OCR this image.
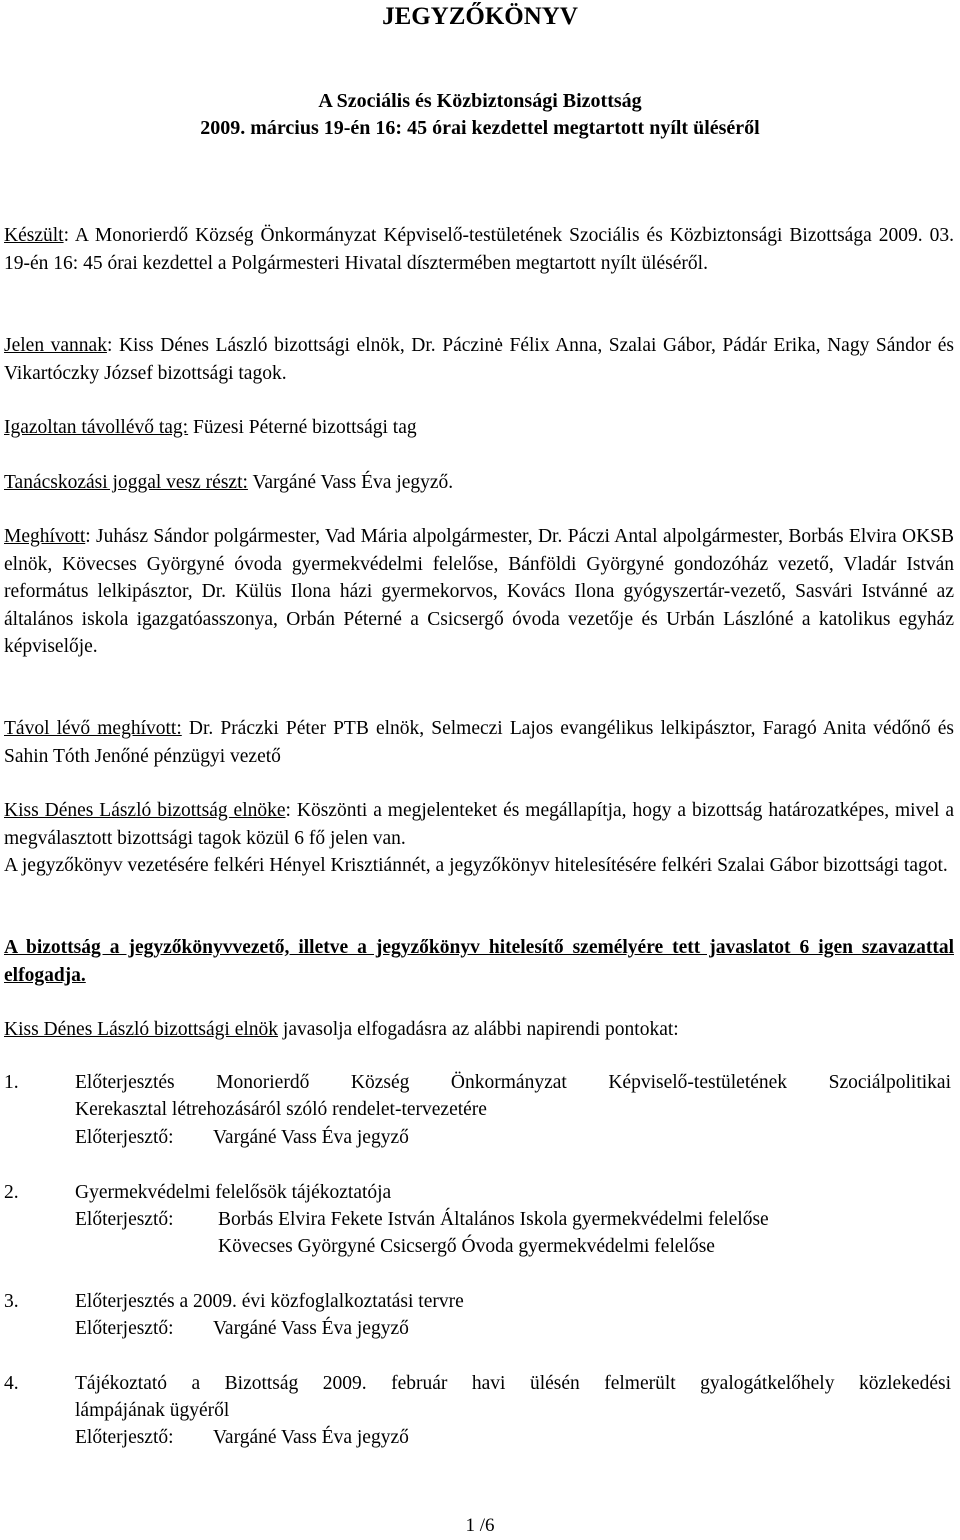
JEGYZŐKÖNYV
A Szociális és Közbiztonsági Bizottság
2009. március 19-én 16: 45 órai kezdettel megtartott nyílt üléséről
Készült: A Monorierdő Község Önkormányzat Képviselő-testületének Szociális és Közbiztonsági Bizottsága 2009. 03. 19-én 16: 45 órai kezdettel a Polgármesteri Hivatal dísztermében megtartott nyílt üléséről.
Jelen vannak: Kiss Dénes László bizottsági elnök, Dr. Páczinė Félix Anna, Szalai Gábor, Pádár Erika, Nagy Sándor és Vikartóczky József bizottsági tagok.
Igazoltan távollévő tag: Füzesi Péterné bizottsági tag
Tanácskozási joggal vesz részt: Vargáné Vass Éva jegyző.
Meghívott: Juhász Sándor polgármester, Vad Mária alpolgármester, Dr. Páczi Antal alpolgármester, Borbás Elvira OKSB elnök, Kövecses Györgyné óvoda gyermekvédelmi felelőse, Bánföldi Györgyné gondozóház vezető, Vladár István református lelkipásztor, Dr. Külüs Ilona házi gyermekorvos, Kovács Ilona gyógyszertár-vezető, Sasvári Istvánné az általános iskola igazgatóasszonya, Orbán Péterné a Csicsergő óvoda vezetője és Urbán Lászlóné a katolikus egyház képviselője.
Távol lévő meghívott: Dr. Práczki Péter PTB elnök, Selmeczi Lajos evangélikus lelkipásztor, Faragó Anita védőnő és Sahin Tóth Jenőné pénzügyi vezető
Kiss Dénes László bizottság elnöke: Köszönti a megjelenteket és megállapítja, hogy a bizottság határozatképes, mivel a megválasztott bizottsági tagok közül 6 fő jelen van.
A jegyzőkönyv vezetésére felkéri Hényel Krisztiánnét, a jegyzőkönyv hitelesítésére felkéri Szalai Gábor bizottsági tagot.
A bizottság a jegyzőkönyvvezető, illetve a jegyzőkönyv hitelesítő személyére tett javaslatot 6 igen szavazattal elfogadja.
Kiss Dénes László bizottsági elnök javasolja elfogadásra az alábbi napirendi pontokat:
1.	Előterjesztés Monorierdő Község Önkormányzat Képviselő-testületének Szociálpolitikai
Kerekasztal létrehozásáról szóló rendelet-tervezetére
Előterjesztő: Vargáné Vass Éva jegyző
2.	Gyermekvédelmi felelősök tájékoztatója
Előterjesztő: Borbás Elvira Fekete István Általános Iskola gyermekvédelmi felelőse
Kövecses Györgyné Csicsergő Óvoda gyermekvédelmi felelőse
3.	Előterjesztés a 2009. évi közfoglalkoztatási tervre
Előterjesztő: Vargáné Vass Éva jegyző
4.	Tájékoztató a Bizottság 2009. február havi ülésén felmerült gyalogátkelőhely közlekedési
lámpájának ügyéről
Előterjesztő: Vargáné Vass Éva jegyző
1 /6
